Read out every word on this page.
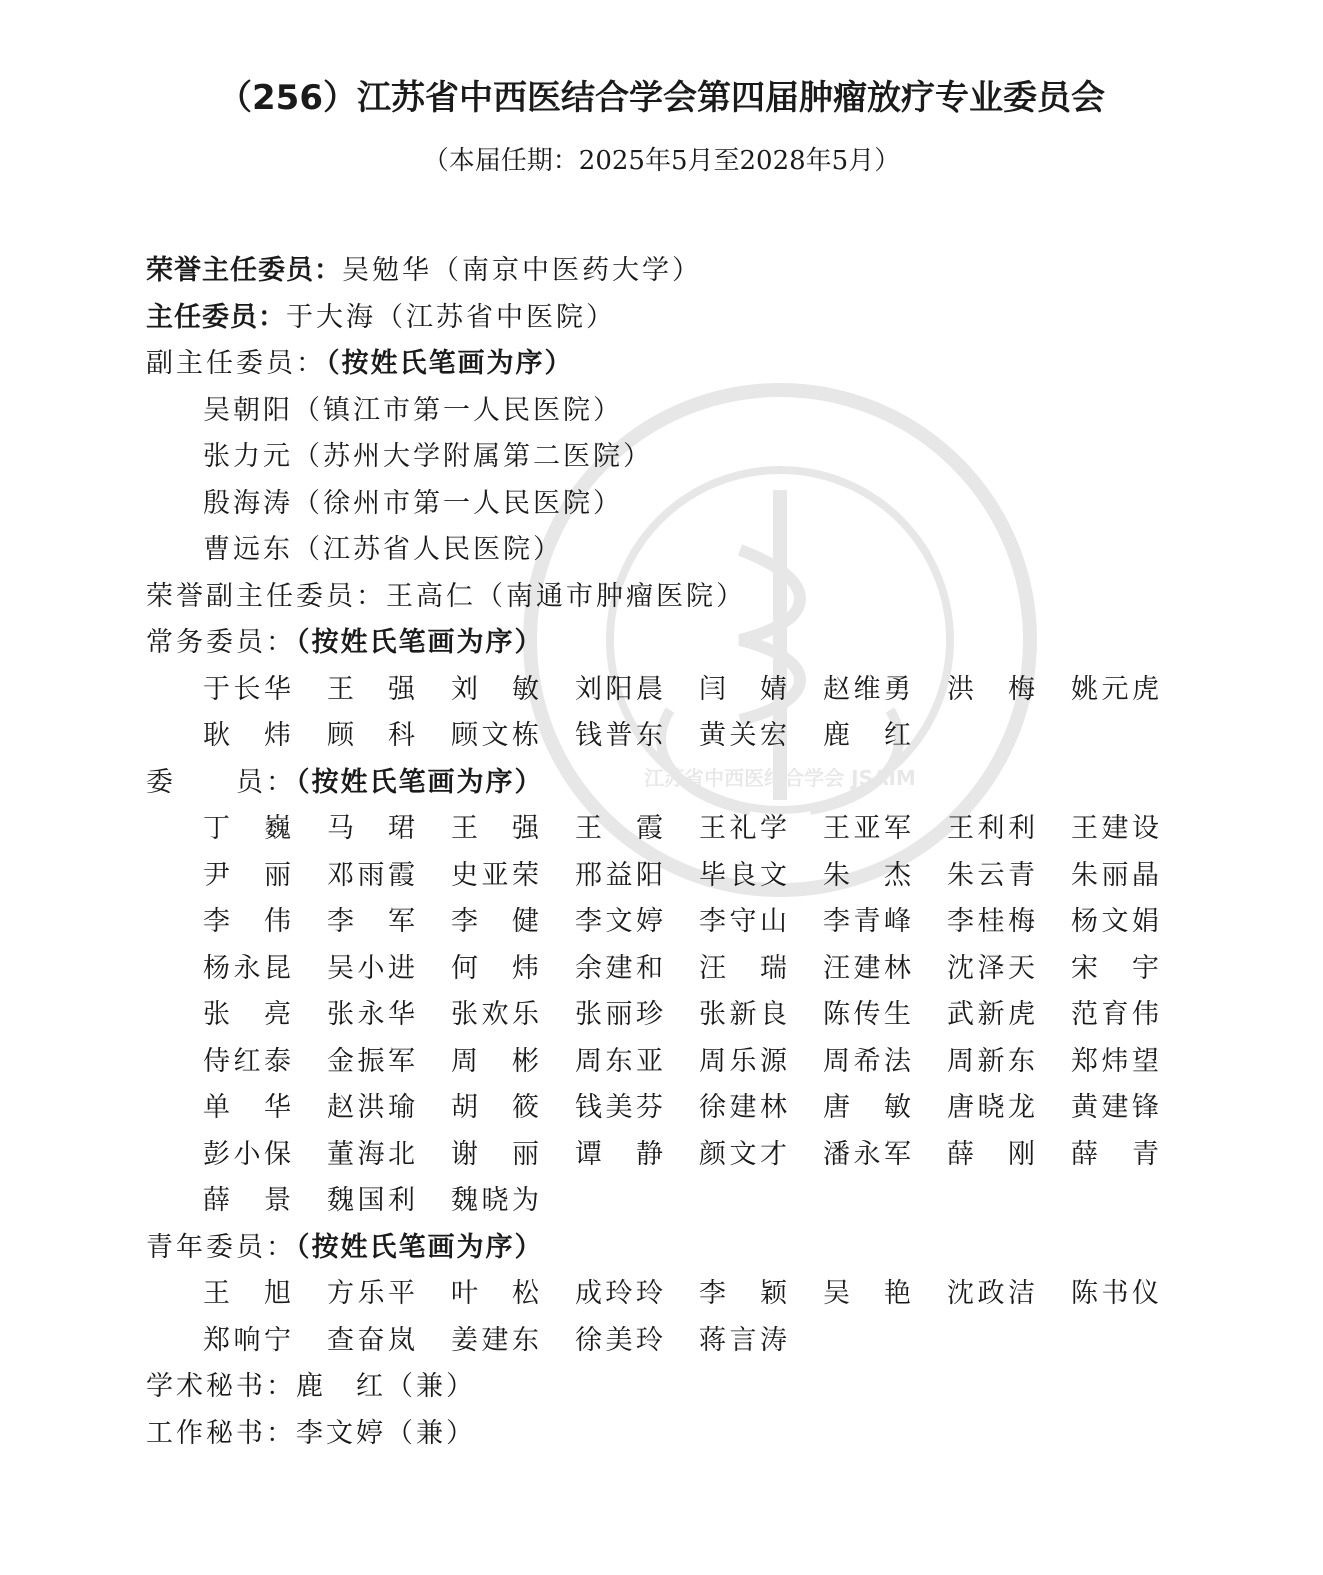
江苏省中西医结合学会 JSAIM
（256）江苏省中西医结合学会第四届肿瘤放疗专业委员会
（本届任期：2025年5月至2028年5月）
荣誉主任委员：吴勉华（南京中医药大学）
主任委员：于大海（江苏省中医院）
副主任委员：（按姓氏笔画为序）
吴朝阳（镇江市第一人民医院）
张力元（苏州大学附属第二医院）
殷海涛（徐州市第一人民医院）
曹远东（江苏省人民医院）
荣誉副主任委员：王高仁（南通市肿瘤医院）
常务委员：（按姓氏笔画为序）
于长华 王　强 刘　敏 刘阳晨 闫　婧 赵维勇 洪　梅 姚元虎
耿　炜 顾　科 顾文栋 钱普东 黄关宏 鹿　红
委　　员：（按姓氏笔画为序）
丁　巍 马　珺 王　强 王　霞 王礼学 王亚军 王利利 王建设
尹　丽 邓雨霞 史亚荣 邢益阳 毕良文 朱　杰 朱云青 朱丽晶
李　伟 李　军 李　健 李文婷 李守山 李青峰 李桂梅 杨文娟
杨永昆 吴小进 何　炜 余建和 汪　瑞 汪建林 沈泽天 宋　宇
张　亮 张永华 张欢乐 张丽珍 张新良 陈传生 武新虎 范育伟
侍红泰 金振军 周　彬 周东亚 周乐源 周希法 周新东 郑炜望
单　华 赵洪瑜 胡　筱 钱美芬 徐建林 唐　敏 唐晓龙 黄建锋
彭小保 董海北 谢　丽 谭　静 颜文才 潘永军 薛　刚 薛　青
薛　景 魏国利 魏晓为
青年委员：（按姓氏笔画为序）
王　旭 方乐平 叶　松 成玲玲 李　颖 吴　艳 沈政洁 陈书仪
郑响宁 查奋岚 姜建东 徐美玲 蒋言涛
学术秘书：鹿　红（兼）
工作秘书：李文婷（兼）
